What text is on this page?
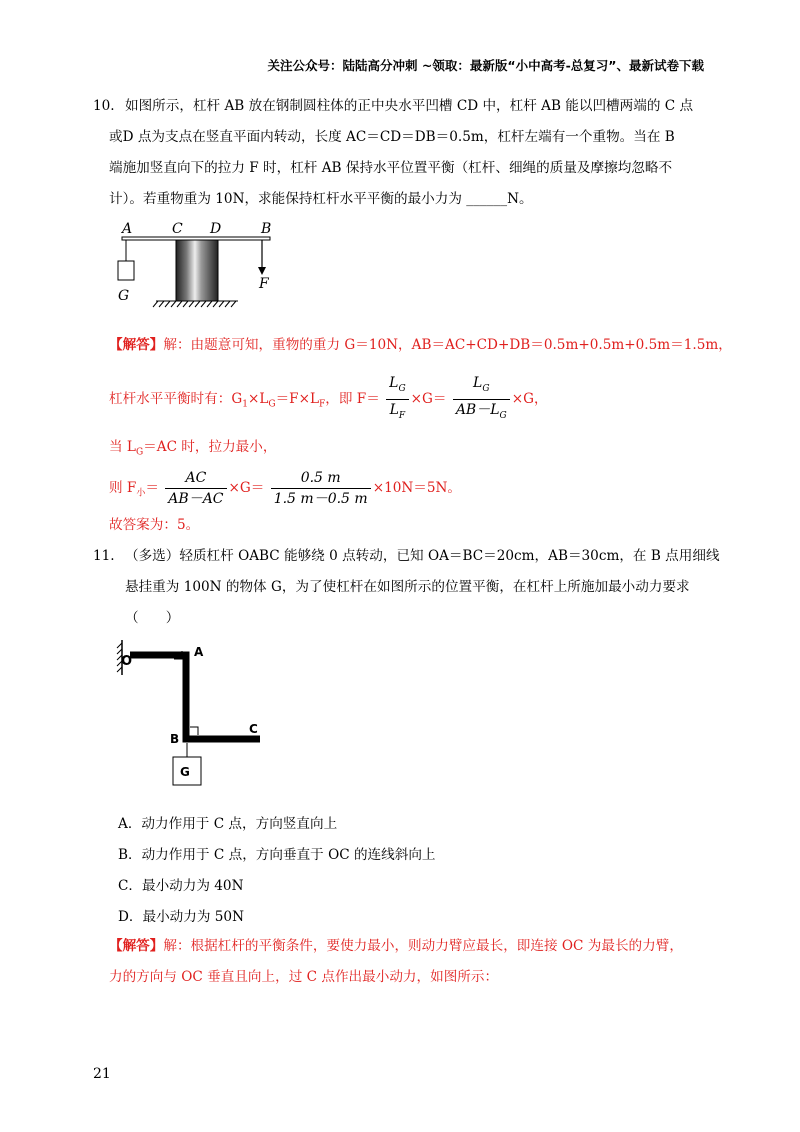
关注公众号：陆陆高分冲刺 ~领取：最新版“小中高考-总复习”、最新试卷下载
10. 如图所示，杠杆 AB 放在钢制圆柱体的正中央水平凹槽 CD 中，杠杆 AB 能以凹槽两端的 C 点
或D 点为支点在竖直平面内转动，长度 AC＝CD＝DB＝0.5m，杠杆左端有一个重物。当在 B
端施加竖直向下的拉力 F 时，杠杆 AB 保持水平位置平衡（杠杆、细绳的质量及摩擦均忽略不
计）。若重物重为 10N，求能保持杠杆水平平衡的最小力为 ______N。
A	C D	B
G
F
【解答】解：由题意可知，重物的重力 G＝10N，AB＝AC+CD+DB＝0.5m+0.5m+0.5m＝1.5m，
杠杆水平平衡时有：$G_1\times L_G=F\times L_F$，即 $F= \frac{L_G}{L_F} \times G= \frac{L_G}{AB-L_G} \times G$，
当 $L_G=AC$ 时，拉力最小，
则 $F_小= \frac{AC}{AB-AC} \times G= \frac{0.5 m}{1.5 m-0.5 m} \times 10N=5N$。
故答案为：5。
11. （多选）轻质杠杆 OABC 能够绕 0 点转动，已知 OA＝BC＝20cm，AB＝30cm，在 B 点用细线
悬挂重为 100N 的物体 G，为了使杠杆在如图所示的位置平衡，在杠杆上所施加最小动力要求
（　　）
O
A
B
C
G
A．动力作用于 C 点，方向竖直向上
B．动力作用于 C 点，方向垂直于 OC 的连线斜向上
C．最小动力为 40N
D．最小动力为 50N
【解答】解：根据杠杆的平衡条件，要使力最小，则动力臂应最长，即连接 OC 为最长的力臂，
力的方向与 OC 垂直且向上，过 C 点作出最小动力，如图所示：
21
